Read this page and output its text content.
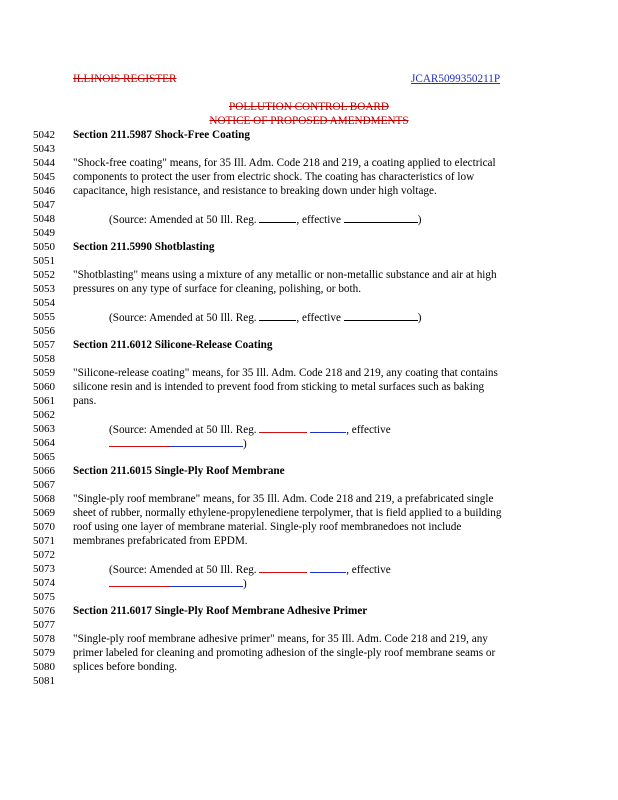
ILLINOIS REGISTER	JCAR5099350211P
POLLUTION CONTROL BOARD
NOTICE OF PROPOSED AMENDMENTS
5042
5043
5044
5045
5046
5047
5048
5049
5050
5051
5052
5053
5054
5055
5056
5057
5058
5059
5060
5061
5062
5063
5064
5065
5066
5067
5068
5069
5070
5071
5072
5073
5074
5075
5076
5077
5078
5079
5080
5081
Section 211.5987 Shock-Free Coating
"Shock-free coating" means, for 35 Ill. Adm. Code 218 and 219, a coating applied to electrical
components to protect the user from electric shock. The coating has characteristics of low
capacitance, high resistance, and resistance to breaking down under high voltage.
(Source: Amended at 50 Ill. Reg.	, effective	)
Section 211.5990 Shotblasting
"Shotblasting" means using a mixture of any metallic or non-metallic substance and air at high
pressures on any type of surface for cleaning, polishing, or both.
(Source: Amended at 50 Ill. Reg.	, effective	)
Section 211.6012 Silicone-Release Coating
"Silicone-release coating" means, for 35 Ill. Adm. Code 218 and 219, any coating that contains
silicone resin and is intended to prevent food from sticking to metal surfaces such as baking
pans.
(Source: Amended at 50 Ill. Reg.	, effective
)
Section 211.6015 Single-Ply Roof Membrane
"Single-ply roof membrane" means, for 35 Ill. Adm. Code 218 and 219, a prefabricated single
sheet of rubber, normally ethylene-propylenediene terpolymer, that is field applied to a building
roof using one layer of membrane material. Single-ply roof membranedoes not include
membranes prefabricated from EPDM.
(Source: Amended at 50 Ill. Reg.	, effective
)
Section 211.6017 Single-Ply Roof Membrane Adhesive Primer
"Single-ply roof membrane adhesive primer" means, for 35 Ill. Adm. Code 218 and 219, any
primer labeled for cleaning and promoting adhesion of the single-ply roof membrane seams or
splices before bonding.
